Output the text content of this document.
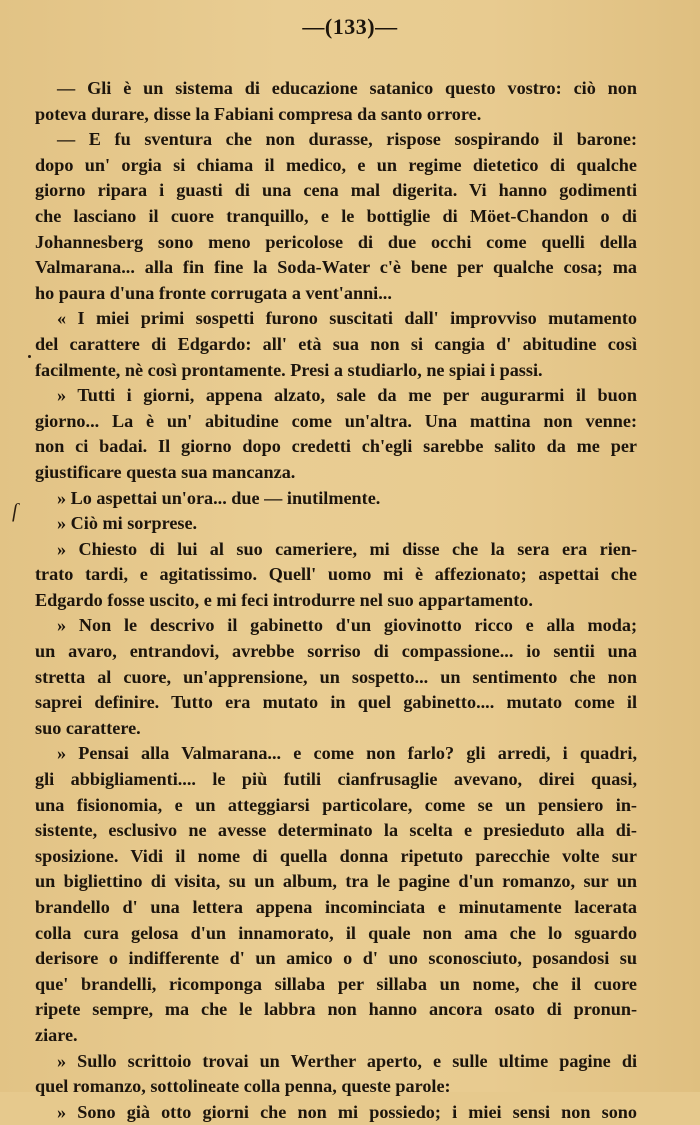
—(133)—
ſ
— Gli è un sistema di educazione satanico questo vostro: ciò non
poteva durare, disse la Fabiani compresa da santo orrore.
— E fu sventura che non durasse, rispose sospirando il barone:
dopo un' orgia si chiama il medico, e un regime dietetico di qualche
giorno ripara i guasti di una cena mal digerita. Vi hanno godimenti
che lasciano il cuore tranquillo, e le bottiglie di Möet-Chandon o di
Johannesberg sono meno pericolose di due occhi come quelli della
Valmarana... alla fin fine la Soda-Water c'è bene per qualche cosa; ma
ho paura d'una fronte corrugata a vent'anni...
« I miei primi sospetti furono suscitati dall' improvviso mutamento
del carattere di Edgardo: all' età sua non si cangia d' abitudine così
facilmente, nè così prontamente. Presi a studiarlo, ne spiai i passi.
» Tutti i giorni, appena alzato, sale da me per augurarmi il buon
giorno... La è un' abitudine come un'altra. Una mattina non venne:
non ci badai. Il giorno dopo credetti ch'egli sarebbe salito da me per
giustificare questa sua mancanza.
» Lo aspettai un'ora... due — inutilmente.
» Ciò mi sorprese.
» Chiesto di lui al suo cameriere, mi disse che la sera era rien-
trato tardi, e agitatissimo. Quell' uomo mi è affezionato; aspettai che
Edgardo fosse uscito, e mi feci introdurre nel suo appartamento.
» Non le descrivo il gabinetto d'un giovinotto ricco e alla moda;
un avaro, entrandovi, avrebbe sorriso di compassione... io sentii una
stretta al cuore, un'apprensione, un sospetto... un sentimento che non
saprei definire. Tutto era mutato in quel gabinetto.... mutato come il
suo carattere.
» Pensai alla Valmarana... e come non farlo? gli arredi, i quadri,
gli abbigliamenti.... le più futili cianfrusaglie avevano, direi quasi,
una fisionomia, e un atteggiarsi particolare, come se un pensiero in-
sistente, esclusivo ne avesse determinato la scelta e presieduto alla di-
sposizione. Vidi il nome di quella donna ripetuto parecchie volte sur
un bigliettino di visita, su un album, tra le pagine d'un romanzo, sur un
brandello d' una lettera appena incominciata e minutamente lacerata
colla cura gelosa d'un innamorato, il quale non ama che lo sguardo
derisore o indifferente d' un amico o d' uno sconosciuto, posandosi su
que' brandelli, ricomponga sillaba per sillaba un nome, che il cuore
ripete sempre, ma che le labbra non hanno ancora osato di pronun-
ziare.
» Sullo scrittoio trovai un Werther aperto, e sulle ultime pagine di
quel romanzo, sottolineate colla penna, queste parole:
» Sono già otto giorni che non mi possiedo; i miei sensi non sono
